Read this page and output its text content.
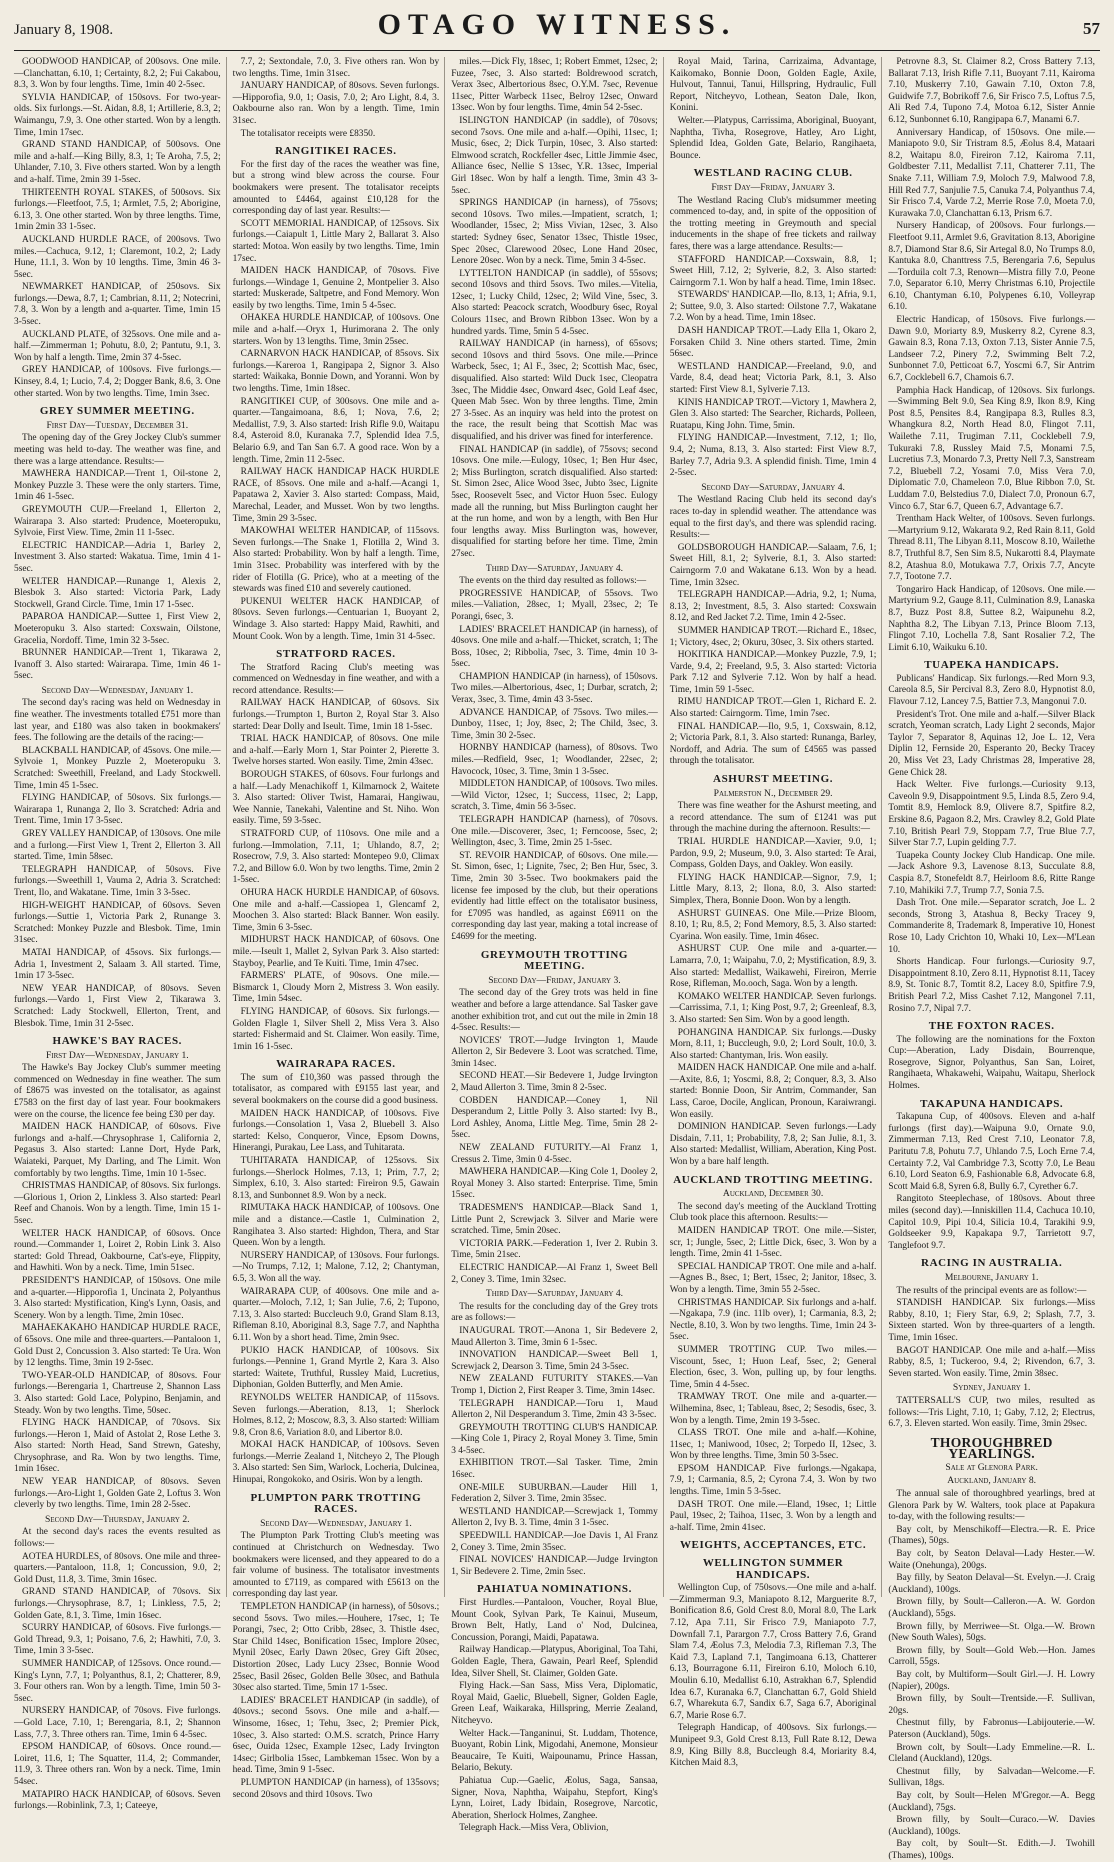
January 8, 1908.	OTAGO WITNESS.	57

GOODWOOD HANDICAP, of 200sovs. One mile.—Clanchattan, 6.10, 1; Certainty, 8.2, 2; Fui Cakabou, 8.3, 3. Won by four lengths. Time, 1min 40 2-5sec.

SYLVIA HANDICAP, of 150sovs. For two-year-olds. Six furlongs.—St. Aidan, 8.8, 1; Artillerie, 8.3, 2; Waimangu, 7.9, 3. One other started. Won by a length. Time, 1min 17sec.

GRAND STAND HANDICAP, of 500sovs. One mile and a-half.—King Billy, 8.3, 1; Te Aroha, 7.5, 2; Uhlander, 7.10, 3. Five others started. Won by a length and a-half. Time, 2min 39 1-5sec.

THIRTEENTH ROYAL STAKES, of 500sovs. Six furlongs.—Fleetfoot, 7.5, 1; Armlet, 7.5, 2; Aborigine, 6.13, 3. One other started. Won by three lengths. Time, 1min 2min 33 1-5sec.

AUCKLAND HURDLE RACE, of 200sovs. Two miles.—Cachuca, 9.12, 1; Claremont, 10.2, 2; Lady Hune, 11.1, 3. Won by 10 lengths. Time, 3min 46 3-5sec.

NEWMARKET HANDICAP, of 250sovs. Six furlongs.—Dewa, 8.7, 1; Cambrian, 8.11, 2; Notecrini, 7.8, 3. Won by a length and a-quarter. Time, 1min 15 3-5sec.

AUCKLAND PLATE, of 325sovs. One mile and a-half.—Zimmerman 1; Pohutu, 8.0, 2; Pantutu, 9.1, 3. Won by half a length. Time, 2min 37 4-5sec.

GREY HANDICAP, of 100sovs. Five furlongs.—Kinsey, 8.4, 1; Lucio, 7.4, 2; Dogger Bank, 8.6, 3. One other started. Won by two lengths. Time, 1min 3sec.

GREY SUMMER MEETING.
First Day—Tuesday, December 31.

The opening day of the Grey Jockey Club's summer meeting was held to-day. The weather was fine, and there was a large attendance. Results:—

MAWHERA HANDICAP.—Trent 1, Oil-stone 2, Monkey Puzzle 3. These were the only starters. Time, 1min 46 1-5sec.

GREYMOUTH CUP.—Freeland 1, Ellerton 2, Wairarapa 3. Also started: Prudence, Moeteropuku, Sylvoie, First View. Time, 2min 11 1-5sec.

ELECTRIC HANDICAP.—Adria 1, Barley 2, Investment 3. Also started: Wakatua. Time, 1min 4 1-5sec.

WELTER HANDICAP.—Runange 1, Alexis 2, Blesbok 3. Also started: Victoria Park, Lady Stockwell, Grand Circle. Time, 1min 17 1-5sec.

PAPAROA HANDICAP.—Suttee 1, First View 2, Moeteropuku 3. Also started: Coxswain, Oilstone, Gracelia, Nordoff. Time, 1min 32 3-5sec.

BRUNNER HANDICAP.—Trent 1, Tikarawa 2, Ivanoff 3. Also started: Wairarapa. Time, 1min 46 1-5sec.

Second Day—Wednesday, January 1.

The second day's racing was held on Wednesday in fine weather. The investments totalled £751 more than last year, and £180 was also taken in bookmakers' fees. The following are the details of the racing:—

BLACKBALL HANDICAP, of 45sovs. One mile.—Sylvoie 1, Monkey Puzzle 2, Moeteropuku 3. Scratched: Sweethill, Freeland, and Lady Stockwell. Time, 1min 45 1-5sec.

FLYING HANDICAP, of 50sovs. Six furlongs.—Wairarapa 1, Runanga 2, Ilo 3. Scratched: Adria and Trent. Time, 1min 17 3-5sec.

GREY VALLEY HANDICAP, of 130sovs. One mile and a furlong.—First View 1, Trent 2, Ellerton 3. All started. Time, 1min 58sec.

TELEGRAPH HANDICAP, of 50sovs. Five furlongs.—Sweethill 1, Vauma 2, Adria 3. Scratched: Trent, Ilo, and Wakatane. Time, 1min 3 3-5sec.

HIGH-WEIGHT HANDICAP, of 60sovs. Seven furlongs.—Suttie 1, Victoria Park 2, Runange 3. Scratched: Monkey Puzzle and Blesbok. Time, 1min 31sec.

MATAI HANDICAP, of 45sovs. Six furlongs.—Adria 1, Investment 2, Salaam 3. All started. Time, 1min 17 3-5sec.

NEW YEAR HANDICAP, of 80sovs. Seven furlongs.—Vardo 1, First View 2, Tikarawa 3. Scratched: Lady Stockwell, Ellerton, Trent, and Blesbok. Time, 1min 31 2-5sec.

HAWKE'S BAY RACES.
First Day—Wednesday, January 1.

The Hawke's Bay Jockey Club's summer meeting commenced on Wednesday in fine weather. The sum of £8675 was invested on the totalisator, as against £7583 on the first day of last year. Four bookmakers were on the course, the licence fee being £30 per day.

MAIDEN HACK HANDICAP, of 60sovs. Five furlongs and a-half.—Chrysophrase 1, California 2, Pegasus 3. Also started: Lanne Dort, Hyde Park, Waiateki, Parquet, My Darling, and The Limit. Won comfortably by two lengths. Time, 1min 10 1-5sec.

CHRISTMAS HANDICAP, of 80sovs. Six furlongs.—Glorious 1, Orion 2, Linkless 3. Also started: Pearl Reef and Chanois. Won by a length. Time, 1min 15 1-5sec.

WELTER HACK HANDICAP, of 60sovs. Once round.—Commander 1, Loiret 2, Robin Link 3. Also started: Gold Thread, Oakbourne, Cat's-eye, Flippity, and Hawhiti. Won by a neck. Time, 1min 51sec.

PRESIDENT'S HANDICAP, of 150sovs. One mile and a-quarter.—Hipporofia 1, Uncinata 2, Polyanthus 3. Also started: Mystification, King's Lynn, Oasis, and Scenery. Won by a length. Time, 2min 10sec.

MAHAEKAKAHO HANDICAP HURDLE RACE, of 65sovs. One mile and three-quarters.—Pantaloon 1, Gold Dust 2, Concussion 3. Also started: Te Ura. Won by 12 lengths. Time, 3min 19 2-5sec.

TWO-YEAR-OLD HANDICAP, of 80sovs. Four furlongs.—Berengaria 1, Chartreuse 2, Shannon Lass 3. Also started: Gold Lace, Polypino, Benjamin, and Steady. Won by two lengths. Time, 50sec.

FLYING HACK HANDICAP, of 70sovs. Six furlongs.—Heron 1, Maid of Astolat 2, Rose Lethe 3. Also started: North Head, Sand Strewn, Gateshy, Chrysophrase, and Ra. Won by two lengths. Time, 1min 16sec.

NEW YEAR HANDICAP, of 80sovs. Seven furlongs.—Aro-Light 1, Golden Gate 2, Loftus 3. Won cleverly by two lengths. Time, 1min 28 2-5sec.

Second Day—Thursday, January 2.

At the second day's races the events resulted as follows:—

AOTEA HURDLES, of 80sovs. One mile and three-quarters.—Pantaloon, 11.8, 1; Concussion, 9.0, 2; Gold Dust, 11.8, 3. Time, 3min 16sec.

GRAND STAND HANDICAP, of 70sovs. Six furlongs.—Chrysophrase, 8.7, 1; Linkless, 7.5, 2; Golden Gate, 8.1, 3. Time, 1min 16sec.

SCURRY HANDICAP, of 60sovs. Five furlongs.—Gold Thread, 9.3, 1; Poisano, 7.6, 2; Hawhiti, 7.0, 3. Time, 1min 3 3-5sec.

SUMMER HANDICAP, of 125sovs. Once round.—King's Lynn, 7.7, 1; Polyanthus, 8.1, 2; Chatterer, 8.9, 3. Four others ran. Won by a length. Time, 1min 50 3-5sec.

NURSERY HANDICAP, of 70sovs. Five furlongs.—Gold Lace, 7.10, 1; Berengaria, 8.1, 2; Shannon Lass, 7.7, 3. Three others ran. Time, 1min 6 4-5sec.

EPSOM HANDICAP, of 60sovs. Once round.—Loiret, 11.6, 1; The Squatter, 11.4, 2; Commander, 11.9, 3. Three others ran. Won by a neck. Time, 1min 54sec.

MATAPIRO HACK HANDICAP, of 60sovs. Seven furlongs.—Robinlink, 7.3, 1; Cateeye,

7.7, 2; Sextondale, 7.0, 3. Five others ran. Won by two lengths. Time, 1min 31sec.

JANUARY HANDICAP, of 80sovs. Seven furlongs.—Hipporofia, 9.0, 1; Oasis, 7.0, 2; Aro Light, 8.4, 3. Oakbourne also ran. Won by a length. Time, 1min 31sec.

The totalisator receipts were £8350.

RANGITIKEI RACES.

For the first day of the races the weather was fine, but a strong wind blew across the course. Four bookmakers were present. The totalisator receipts amounted to £4464, against £10,128 for the corresponding day of last year. Results:—

SCOTT MEMORIAL HANDICAP, of 125sovs. Six furlongs.—Caiapult 1, Little Mary 2, Ballarat 3. Also started: Motoa. Won easily by two lengths. Time, 1min 17sec.

MAIDEN HACK HANDICAP, of 70sovs. Five furlongs.—Windage 1, Genuine 2, Montpelier 3. Also started: Muskerade, Saltpetre, and Fond Memory. Won easily by two lengths. Time, 1min 5 4-5sec.

OHAKEA HURDLE HANDICAP, of 100sovs. One mile and a-half.—Oryx 1, Hurimorana 2. The only starters. Won by 13 lengths. Time, 3min 25sec.

CARNARVON HACK HANDICAP, of 85sovs. Six furlongs.—Kareroa 1, Rangipapa 2, Signor 3. Also started: Waikaka, Bonnie Down, and Yoranni. Won by two lengths. Time, 1min 18sec.

RANGITIKEI CUP, of 300sovs. One mile and a-quarter.—Tangaimoana, 8.6, 1; Nova, 7.6, 2; Medallist, 7.9, 3. Also started: Irish Rifle 9.0, Waitapu 8.4, Asteroid 8.0, Kuranaka 7.7, Splendid Idea 7.5, Belario 6.9, and Tan San 6.7. A good race. Won by a length. Time, 2min 11 2-5sec.

RAILWAY HACK HANDICAP HACK HURDLE RACE, of 85sovs. One mile and a-half.—Acangi 1, Papatawa 2, Xavier 3. Also started: Compass, Maid, Marechal, Leader, and Musset. Won by two lengths. Time, 3min 29 3-5sec.

MAKOWHAI WELTER HANDICAP, of 115sovs. Seven furlongs.—The Snake 1, Flotilla 2, Wind 3. Also started: Probability. Won by half a length. Time, 1min 31sec. Probability was interfered with by the rider of Flotilla (G. Price), who at a meeting of the stewards was fined £10 and severely cautioned.

PUKENUI WELTER HACK HANDICAP, of 80sovs. Seven furlongs.—Centuarian 1, Buoyant 2, Windage 3. Also started: Happy Maid, Rawhiti, and Mount Cook. Won by a length. Time, 1min 31 4-5sec.

STRATFORD RACES.

The Stratford Racing Club's meeting was commenced on Wednesday in fine weather, and with a record attendance. Results:—

RAILWAY HACK HANDICAP, of 60sovs. Six furlongs.—Trumpton 1, Burton 2, Royal Star 3. Also started: Dear Dolly and Iseult. Time, 1min 18 1-5sec.

TRIAL HACK HANDICAP, of 80sovs. One mile and a-half.—Early Morn 1, Star Pointer 2, Pierette 3. Twelve horses started. Won easily. Time, 2min 43sec.

BOROUGH STAKES, of 60sovs. Four furlongs and a half.—Lady Menachikoff 1, Kilmarnock 2, Waitete 3. Also started: Oliver Twist, Hamarai, Hangiwau, Wee Nannie, Tanekahi, Valentine and St. Niho. Won easily. Time, 59 3-5sec.

STRATFORD CUP, of 110sovs. One mile and a furlong.—Immolation, 7.11, 1; Uhlando, 8.7, 2; Rosecrow, 7.9, 3. Also started: Montepeo 9.0, Climax 7.2, and Billow 6.0. Won by two lengths. Time, 2min 2 1-5sec.

OHURA HACK HURDLE HANDICAP, of 60sovs. One mile and a-half.—Cassiopea 1, Glencamf 2, Moochen 3. Also started: Black Banner. Won easily. Time, 3min 6 3-5sec.

MIDHURST HACK HANDICAP, of 60sovs. One mile.—Iseult 1, Mallet 2, Sylvan Park 3. Also started: Stayboy, Pearlie, and Te Kuiti. Time, 1min 47sec.

FARMERS' PLATE, of 90sovs. One mile.—Bismarck 1, Cloudy Morn 2, Mistress 3. Won easily. Time, 1min 54sec.

FLYING HANDICAP, of 60sovs. Six furlongs.—Golden Flagle 1, Silver Shell 2, Miss Vera 3. Also started: Fishermaid and St. Claimer. Won easily. Time, 1min 16 1-5sec.

WAIRARAPA RACES.

The sum of £10,360 was passed through the totalisator, as compared with £9155 last year, and several bookmakers on the course did a good business.

MAIDEN HACK HANDICAP, of 100sovs. Five furlongs.—Consolation 1, Vasa 2, Bluebell 3. Also started: Kelso, Conqueror, Vince, Epsom Downs, Hinerangi, Purakau, Lee Lass, and Tuhitarata.

TUHITARATA HANDICAP, of 125sovs. Six furlongs.—Sherlock Holmes, 7.13, 1; Prim, 7.7, 2; Simplex, 6.10, 3. Also started: Fireiron 9.5, Gawain 8.13, and Sunbonnet 8.9. Won by a neck.

RIMUTAKA HACK HANDICAP, of 100sovs. One mile and a distance.—Castle 1, Culmination 2, Rangihatea 3. Also started: Highdon, Thera, and Star Queen. Won by a length.

NURSERY HANDICAP, of 130sovs. Four furlongs.—No Trumps, 7.12, 1; Malone, 7.12, 2; Chantyman, 6.5, 3. Won all the way.

WAIRARAPA CUP, of 400sovs. One mile and a-quarter.—Moloch, 7.12, 1; San Julie, 7.6, 2; Tupono, 7.13, 3. Also started: Buccleuch 9.0, Grand Slam 8.13, Rifleman 8.10, Aboriginal 8.3, Sage 7.7, and Naphtha 6.11. Won by a short head. Time, 2min 9sec.

PUKIO HACK HANDICAP, of 100sovs. Six furlongs.—Pennine 1, Grand Myrtle 2, Kara 3. Also started: Waitete, Truthful, Russley Maid, Lucretius, Diphonian, Golden Butterfly, and Men Amie.

REYNOLDS WELTER HANDICAP, of 115sovs. Seven furlongs.—Aberation, 8.13, 1; Sherlock Holmes, 8.12, 2; Moscow, 8.3, 3. Also started: William 9.8, Cron 8.6, Variation 8.0, and Libertor 8.0.

MOKAI HACK HANDICAP, of 100sovs. Seven furlongs.—Merrie Zealand 1, Nitcheyo 2, The Plough 3. Also started: Sen Sim, Warlock, Locheria, Dulcinea, Hinupai, Rongokoko, and Osiris. Won by a length.

PLUMPTON PARK TROTTING RACES.
Second Day—Wednesday, January 1.

The Plumpton Park Trotting Club's meeting was continued at Christchurch on Wednesday. Two bookmakers were licensed, and they appeared to do a fair volume of business. The totalisator investments amounted to £7119, as compared with £5613 on the corresponding day last year.

TEMPLETON HANDICAP (in harness), of 50sovs.; second 5sovs. Two miles.—Houhere, 17sec, 1; Te Porangi, 7sec, 2; Otto Cribb, 28sec, 3. Thistle 4sec, Star Child 14sec, Bonification 15sec, Implore 20sec, Mynil 20sec, Early Dawn 20sec, Grey Gift 20sec, Distortion 20sec, Lady Lucy 23sec, Bonnie Wood 25sec, Basil 26sec, Golden Belle 30sec, and Bathula 30sec also started. Time, 5min 17 1-5sec.

LADIES' BRACELET HANDICAP (in saddle), of 40sovs.; second 5sovs. One mile and a-half.—Winsome, 16sec, 1; Tehu, 3sec, 2; Premier Pick, 10sec, 3. Also started: O.M.S. scratch, Prince Harry 6sec, Ouida 12sec, Example 12sec, Lady Irvington 14sec; Girlbolia 15sec, Lambkeman 15sec. Won by a head. Time, 3min 9 1-5sec.

PLUMPTON HANDICAP (in harness), of 135sovs; second 20sovs and third 10sovs. Two

miles.—Dick Fly, 18sec, 1; Robert Emmet, 12sec, 2; Fuzee, 7sec, 3. Also started: Boldrewood scratch, Verax 3sec, Albertorious 8sec, O.Y.M. 7sec, Revenue 11sec, Pitter Warbeck 11sec, Belroy 12sec, Onward 13sec. Won by four lengths. Time, 4min 54 2-5sec.

ISLINGTON HANDICAP (in saddle), of 70sovs; second 7sovs. One mile and a-half.—Opihi, 11sec, 1; Music, 6sec, 2; Dick Turpin, 10sec, 3. Also started: Elmwood scratch, Rockfeller 4sec, Little Jimmie 4sec, Alliance 6sec, Nellie S 13sec, Y.R. 13sec, Imperial Girl 18sec. Won by half a length. Time, 3min 43 3-5sec.

SPRINGS HANDICAP (in harness), of 75sovs; second 10sovs. Two miles.—Impatient, scratch, 1; Woodlander, 15sec, 2; Miss Vivian, 12sec, 3. Also started: Sydney 6sec, Senator 13sec, Thistle 19sec, Spec 20sec, Clarewood 20sec, Lone Hand 20sec, Lenore 20sec. Won by a neck. Time, 5min 3 4-5sec.

LYTTELTON HANDICAP (in saddle), of 55sovs; second 10sovs and third 5sovs. Two miles.—Vitelia, 12sec, 1; Lucky Child, 12sec, 2; Wild Vine, 5sec, 3. Also started: Peacock scratch, Woodbury 6sec, Royal Colours 11sec, and Brown Ribbon 13sec. Won by a hundred yards. Time, 5min 5 4-5sec.

RAILWAY HANDICAP (in harness), of 65sovs; second 10sovs and third 5sovs. One mile.—Prince Warbeck, 5sec, 1; Al F., 3sec, 2; Scottish Mac, 6sec, disqualified. Also started: Wild Duck 1sec, Cleopatra 3sec, The Middie 4sec, Onward 4sec, Gold Leaf 4sec, Queen Mab 5sec. Won by three lengths. Time, 2min 27 3-5sec. As an inquiry was held into the protest on the race, the result being that Scottish Mac was disqualified, and his driver was fined for interference.

FINAL HANDICAP (in saddle), of 75sovs; second 10sovs. One mile.—Eulogy, 10sec, 1; Ben Hur 4sec, 2; Miss Burlington, scratch disqualified. Also started: St. Simon 2sec, Alice Wood 3sec, Jubto 3sec, Lignite 5sec, Roosevelt 5sec, and Victor Huon 5sec. Eulogy made all the running, but Miss Burlington caught her at the run home, and won by a length, with Ben Hur four lengths away. Miss Burlington was, however, disqualified for starting before her time. Time, 2min 27sec.

Third Day—Saturday, January 4.

The events on the third day resulted as follows:—

PROGRESSIVE HANDICAP, of 55sovs. Two miles.—Valiation, 28sec, 1; Myall, 23sec, 2; Te Porangi, 6sec, 3.

LADIES' BRACELET HANDICAP (in harness), of 40sovs. One mile and a-half.—Thicket, scratch, 1; The Boss, 10sec, 2; Ribbolia, 7sec, 3. Time, 4min 10 3-5sec.

CHAMPION HANDICAP (in harness), of 150sovs. Two miles.—Albertorious, 4sec, 1; Durbar, scratch, 2; Verax, 3sec, 3. Time, 4min 43 3-5sec.

ADVANCE HANDICAP, of 75sovs. Two miles.—Dunboy, 11sec, 1; Joy, 8sec, 2; The Child, 3sec, 3. Time, 3min 30 2-5sec.

HORNBY HANDICAP (harness), of 80sovs. Two miles.—Redfield, 9sec, 1; Woodlander, 22sec, 2; Havocock, 10sec, 3. Time, 3min 1 3-5sec.

MIDDLETON HANDICAP, of 100sovs. Two miles.—Wild Victor, 12sec, 1; Success, 11sec, 2; Lapp, scratch, 3. Time, 4min 56 3-5sec.

TELEGRAPH HANDICAP (harness), of 70sovs. One mile.—Discoverer, 3sec, 1; Ferncoose, 5sec, 2; Wellington, 4sec, 3. Time, 2min 25 1-5sec.

ST. REVOIR HANDICAP, of 60sovs. One mile.—St. Simon, 6sec, 1; Lignite, 7sec, 2; Ben Hur, 5sec, 3. Time, 2min 30 3-5sec. Two bookmakers paid the license fee imposed by the club, but their operations evidently had little effect on the totalisator business, for £7095 was handled, as against £6911 on the corresponding day last year, making a total increase of £4699 for the meeting.

GREYMOUTH TROTTING MEETING.
Second Day—Friday, January 3.

The second day of the Grey trots was held in fine weather and before a large attendance. Sal Tasker gave another exhibition trot, and cut out the mile in 2min 18 4-5sec. Results:—

NOVICES' TROT.—Judge Irvington 1, Maude Allerton 2, Sir Bedevere 3. Loot was scratched. Time, 3min 14sec.

SECOND HEAT.—Sir Bedevere 1, Judge Irvington 2, Maud Allerton 3. Time, 3min 8 2-5sec.

COBDEN HANDICAP.—Coney 1, Nil Desperandum 2, Little Polly 3. Also started: Ivy B., Lord Ashley, Anoma, Little Meg. Time, 5min 28 2-5sec.

NEW ZEALAND FUTURITY.—Al Franz 1, Cressus 2. Time, 3min 0 4-5sec.

MAWHERA HANDICAP.—King Cole 1, Dooley 2, Royal Money 3. Also started: Enterprise. Time, 5min 15sec.

TRADESMEN'S HANDICAP.—Black Sand 1, Little Punt 2, Screwjack 3. Silver and Marie were scratched. Time, 5min 20sec.

VICTORIA PARK.—Federation 1, Iver 2. Rubin 3. Time, 5min 21sec.

ELECTRIC HANDICAP.—Al Franz 1, Sweet Bell 2, Coney 3. Time, 1min 32sec.

Third Day—Saturday, January 4.

The results for the concluding day of the Grey trots are as follows:—

INAUGURAL TROT.—Anona 1, Sir Bedevere 2, Maud Allerton 3. Time, 3min 6 1-5sec.

INNOVATION HANDICAP.—Sweet Bell 1, Screwjack 2, Dearson 3. Time, 5min 24 3-5sec.

NEW ZEALAND FUTURITY STAKES.—Van Tromp 1, Diction 2, First Reaper 3. Time, 3min 14sec.

TELEGRAPH HANDICAP.—Toru 1, Maud Allerton 2, Nil Desperandum 3. Time, 2min 43 3-5sec.

GREYMOUTH TROTTING CLUB'S HANDICAP.—King Cole 1, Piracy 2, Royal Money 3. Time, 5min 3 4-5sec.

EXHIBITION TROT.—Sal Tasker. Time, 2min 16sec.

ONE-MILE SUBURBAN.—Lauder Hill 1, Federation 2, Silver 3. Time, 2min 35sec.

WESTLAND HANDICAP.—Screwjack 1, Tommy Allerton 2, Ivy B. 3. Time, 4min 3 1-5sec.

SPEEDWILL HANDICAP.—Joe Davis 1, Al Franz 2, Coney 3. Time, 2min 35sec.

FINAL NOVICES' HANDICAP.—Judge Irvington 1, Sir Bedevere 2. Time, 2min 5sec.

PAHIATUA NOMINATIONS.

First Hurdles.—Pantaloon, Voucher, Royal Blue, Mount Cook, Sylvan Park, Te Kainui, Museum, Brown Belt, Hatly, Land o' Nod, Dulcinea, Concussion, Porangi, Maidi, Papatawa.

Railway Handicap.—Platypus, Aboriginal, Toa Tahi, Golden Eagle, Thera, Gawain, Pearl Reef, Splendid Idea, Silver Shell, St. Claimer, Golden Gate.

Flying Hack.—San Sass, Miss Vera, Diplomatic, Royal Maid, Gaelic, Bluebell, Signer, Golden Eagle, Green Leaf, Waikaraka, Hillspring, Merrie Zealand, Nitcheyvo.

Welter Hack.—Tanganinui, St. Luddam, Thotence, Buoyant, Robin Link, Migodahi, Anemone, Monsieur Beaucaire, Te Kuiti, Waipounamu, Prince Hassan, Belario, Bekuty.

Pahiatua Cup.—Gaelic, Æolus, Saga, Sansaa, Signer, Nova, Naphtha, Waipahu, Stepfort, King's Lynn, Loiret, Lady Ibidain, Rosegrove, Narcotic, Aberation, Sherlock Holmes, Zanghee.

Telegraph Hack.—Miss Vera, Oblivion,

Royal Maid, Tarina, Carrizaima, Advantage, Kaikomako, Bonnie Doon, Golden Eagle, Axile, Hulvout, Tannui, Tanui, Hillspring, Hydraulic, Full Report, Nitcheyvo, Lothean, Seaton Dale, Ikon, Konini.

Welter.—Platypus, Carrissima, Aboriginal, Buoyant, Naphtha, Tivha, Rosegrove, Hatley, Aro Light, Splendid Idea, Golden Gate, Belario, Rangihaeta, Bounce.

WESTLAND RACING CLUB.
First Day—Friday, January 3.

The Westland Racing Club's midsummer meeting commenced to-day, and, in spite of the opposition of the trotting meeting in Greymouth and special inducements in the shape of free tickets and railway fares, there was a large attendance. Results:—

STAFFORD HANDICAP.—Coxswain, 8.8, 1; Sweet Hill, 7.12, 2; Sylverie, 8.2, 3. Also started: Cairngorm 7.1. Won by half a head. Time, 1min 18sec.

STEWARDS' HANDICAP.—Ilo, 8.13, 1; Afria, 9.1, 2; Suttee, 9.0, 3. Also started: Oilstone 7.7, Wakatane 7.2. Won by a head. Time, 1min 18sec.

DASH HANDICAP TROT.—Lady Ella 1, Okaro 2, Forsaken Child 3. Nine others started. Time, 2min 56sec.

WESTLAND HANDICAP.—Freeland, 9.0, and Varde, 8.4, dead heat; Victoria Park, 8.1, 3. Also started: First View 8.1, Sylverie 7.13.

KINIS HANDICAP TROT.—Victory 1, Mawhera 2, Glen 3. Also started: The Searcher, Richards, Polleen, Ruatapu, King John. Time, 5min.

FLYING HANDICAP.—Investment, 7.12, 1; Ilo, 9.4, 2; Numa, 8.13, 3. Also started: First View 8.7, Barley 7.7, Adria 9.3. A splendid finish. Time, 1min 4 2-5sec.

Second Day—Saturday, January 4.

The Westland Racing Club held its second day's races to-day in splendid weather. The attendance was equal to the first day's, and there was splendid racing. Results:—

GOLDSBOROUGH HANDICAP.—Salaam, 7.6, 1; Sweet Hill, 8.1, 2; Sylverie, 8.1, 3. Also started: Cairngorm 7.0 and Wakatane 6.13. Won by a head. Time, 1min 32sec.

TELEGRAPH HANDICAP.—Adria, 9.2, 1; Numa, 8.13, 2; Investment, 8.5, 3. Also started: Coxswain 8.12, and Red Jacket 7.2. Time, 1min 4 2-5sec.

SUMMER HANDICAP TROT.—Richard E., 18sec, 1; Victory, 4sec, 2; Okuru, 30sec, 3. Six others started.

HOKITIKA HANDICAP.—Monkey Puzzle, 7.9, 1; Varde, 9.4, 2; Freeland, 9.5, 3. Also started: Victoria Park 7.12 and Sylverie 7.12. Won by half a head. Time, 1min 59 1-5sec.

RIMU HANDICAP TROT.—Glen 1, Richard E. 2. Also started: Cairngorm. Time, 1min 7sec.

FINAL HANDICAP.—Ilo, 9.5, 1, Coxswain, 8.12, 2; Victoria Park, 8.1, 3. Also started: Runanga, Barley, Nordoff, and Adria. The sum of £4565 was passed through the totalisator.

ASHURST MEETING.
Palmerston N., December 29.

There was fine weather for the Ashurst meeting, and a record attendance. The sum of £1241 was put through the machine during the afternoon. Results:—

TRIAL HURDLE HANDICAP.—Xavier, 9.0, 1; Pardon, 9.9, 2; Museum, 9.0, 3. Also started: Te Arai, Compass, Golden Days, and Oakley. Won easily.

FLYING HACK HANDICAP.—Signor, 7.9, 1; Little Mary, 8.13, 2; Ilona, 8.0, 3. Also started: Simplex, Thera, Bonnie Doon. Won by a length.

ASHURST GUINEAS. One Mile.—Prize Bloom, 8.10, 1; Ru, 8.5, 2; Fond Memory, 8.5, 3. Also started: Cyarina. Won easily. Time, 1min 46sec.

ASHURST CUP. One mile and a-quarter.—Lamarra, 7.0, 1; Waipahu, 7.0, 2; Mystification, 8.9, 3. Also started: Medallist, Waikawehi, Fireiron, Merrie Rose, Rifleman, Mo.ooch, Saga. Won by a length.

KOMAKO WELTER HANDICAP. Seven furlongs.—Carrissima, 7.1, 1; King Post, 9.7, 2; Greenleaf, 8.3, 3. Also started: Sen Sim. Won by a good length.

POHANGINA HANDICAP. Six furlongs.—Dusky Morn, 8.11, 1; Buccleugh, 9.0, 2; Lord Soult, 10.0, 3. Also started: Chantyman, Iris. Won easily.

MAIDEN HACK HANDICAP. One mile and a-half.—Axite, 8.6, 1; Yoscmi, 8.8, 2; Conquer, 8.3, 3. Also started: Bonnie Doon, Sir Antrim, Commander, San Lass, Caroe, Docile, Anglican, Pronoun, Karaiwrangi. Won easily.

DOMINION HANDICAP. Seven furlongs.—Lady Disdain, 7.11, 1; Probability, 7.8, 2; San Julie, 8.1, 3. Also started: Medallist, William, Aberation, King Post. Won by a bare half length.

AUCKLAND TROTTING MEETING.
Auckland, December 30.

The second day's meeting of the Auckland Trotting Club took place this afternoon. Results:—

MAIDEN HANDICAP TROT. One mile.—Sister, scr, 1; Jungle, 5sec, 2; Little Dick, 6sec, 3. Won by a length. Time, 2min 41 1-5sec.

SPECIAL HANDICAP TROT. One mile and a-half.—Agnes B., 8sec, 1; Bert, 15sec, 2; Janitor, 18sec, 3. Won by a length. Time, 3min 55 2-5sec.

CHRISTMAS HANDICAP. Six furlongs and a-half.—Ngakapa, 7.9 (inc. 11lb over), 1; Carmania, 8.3, 2; Nectle, 8.10, 3. Won by two lengths. Time, 1min 24 3-5sec.

SUMMER TROTTING CUP. Two miles.—Viscount, 5sec, 1; Huon Leaf, 5sec, 2; General Election, 6sec, 3. Won, pulling up, by four lengths. Time, 5min 4 4-5sec.

TRAMWAY TROT. One mile and a-quarter.—Wilhemina, 8sec, 1; Tableau, 8sec, 2; Sesodis, 6sec, 3. Won by a length. Time, 2min 19 3-5sec.

CLASS TROT. One mile and a-half.—Kohine, 11sec, 1; Maniwood, 10sec, 2; Torpedo II, 12sec, 3. Won by three lengths. Time, 3min 50 3-5sec.

EPSOM HANDICAP. Five furlongs.—Ngakapa, 7.9, 1; Carmania, 8.5, 2; Cyrona 7.4, 3. Won by two lengths. Time, 1min 5 3-5sec.

DASH TROT. One mile.—Eland, 19sec, 1; Little Paul, 19sec, 2; Taihoa, 11sec, 3. Won by a length and a-half. Time, 2min 41sec.

WEIGHTS, ACCEPTANCES, ETC.
WELLINGTON SUMMER HANDICAPS.

Wellington Cup, of 750sovs.—One mile and a-half.—Zimmerman 9.3, Maniapoto 8.12, Marguerite 8.7, Bonification 8.6, Gold Crest 8.0, Moral 8.0, The Lark 7.12, Apa 7.11, Sir Frisco 7.9, Maniapoto 7.7, Downfall 7.1, Parargon 7.7, Cross Battery 7.6, Grand Slam 7.4, Æolus 7.3, Melodia 7.3, Rifleman 7.3, The Kaid 7.3, Lapland 7.1, Tangimoana 6.13, Chatterer 6.13, Bourragone 6.11, Fireiron 6.10, Moloch 6.10, Moulin 6.10, Medallist 6.10, Astrakhan 6.7, Splendid Idea 6.7, Kuranaka 6.7, Clanchattan 6.7, Gold Shield 6.7, Wharekuta 6.7, Sandix 6.7, Saga 6.7, Aboriginal 6.7, Marie Rose 6.7.

Telegraph Handicap, of 400sovs. Six furlongs.—Munipeet 9.3, Gold Crest 8.13, Full Rate 8.12, Dewa 8.9, King Billy 8.8, Buccleugh 8.4, Moriarity 8.4, Kitchen Maid 8.3,

Petrovne 8.3, St. Claimer 8.2, Cross Battery 7.13, Ballarat 7.13, Irish Rifle 7.11, Buoyant 7.11, Kairoma 7.10, Muskerry 7.10, Gawain 7.10, Oxton 7.8, Guidwife 7.7, Bobrikoff 7.6, Sir Frisco 7.5, Loftus 7.5, Ali Red 7.4, Tupono 7.4, Motoa 6.12, Sister Annie 6.12, Sunbonnet 6.10, Rangipapa 6.7, Manami 6.7.

Anniversary Handicap, of 150sovs. One mile.—Maniapoto 9.0, Sir Tristram 8.5, Æolus 8.4, Mataari 8.2, Waitapu 8.0, Fireiron 7.12, Kairoma 7.11, Goldbester 7.11, Medallist 7.11, Chatterer 7.11, The Snake 7.11, William 7.9, Moloch 7.9, Malwood 7.8, Hill Red 7.7, Sanjulie 7.5, Canuka 7.4, Polyanthus 7.4, Sir Frisco 7.4, Varde 7.2, Merrie Rose 7.0, Moeta 7.0, Kurawaka 7.0, Clanchattan 6.13, Prism 6.7.

Nursery Handicap, of 200sovs. Four furlongs.—Fleetfoot 9.11, Armlet 9.6, Gravitation 8.13, Aborigine 8.7, Diamond Star 8.6, Sir Artegal 8.0, No Trumps 8.0, Kantuka 8.0, Chanttress 7.5, Berengaria 7.6, Sepulus—Torduila colt 7.3, Renown—Mistra filly 7.0, Peone 7.0, Separator 6.10, Merry Christmas 6.10, Projectile 6.10, Chantyman 6.10, Polypenes 6.10, Volleyrap 6.10.

Electric Handicap, of 150sovs. Five furlongs.—Dawn 9.0, Moriarty 8.9, Muskerry 8.2, Cyrene 8.3, Gawain 8.3, Rona 7.13, Oxton 7.13, Sister Annie 7.5, Landseer 7.2, Pinery 7.2, Swimming Belt 7.2, Sunbonnet 7.0, Petticoat 6.7, Yoscmi 6.7, Sir Antrim 6.7, Cocklebell 6.7, Chamois 6.7.

Pamphia Hack Handicap, of 120sovs. Six furlongs.—Swimming Belt 9.0, Sea King 8.9, Ikon 8.9, King Post 8.5, Pensites 8.4, Rangipapa 8.3, Rulles 8.3, Whangkura 8.2, North Head 8.0, Flingot 7.11, Wailethe 7.11, Trugiman 7.11, Cocklebell 7.9, Tukuraki 7.8, Russley Maid 7.5, Monami 7.5, Lucretius 7.3, Monardo 7.3, Pretty Nell 7.3, Sanstream 7.2, Bluebell 7.2, Yosami 7.0, Miss Vera 7.0, Diplomatic 7.0, Chameleon 7.0, Blue Ribbon 7.0, St. Luddam 7.0, Belstedius 7.0, Dialect 7.0, Pronoun 6.7, Vinco 6.7, Star 6.7, Queen 6.7, Advantage 6.7.

Trentham Hack Welter, of 100sovs. Seven furlongs.—Martyrium 9.12, Wakarata 9.2, Red Rain 8.11, Gold Thread 8.11, The Libyan 8.11, Moscow 8.10, Wailethe 8.7, Truthful 8.7, Sen Sim 8.5, Nukarotti 8.4, Playmate 8.2, Atashua 8.0, Motukawa 7.7, Orixis 7.7, Ancyte 7.7, Tootone 7.7.

Tongariro Hack Handicap, of 120sovs. One mile.—Martyrium 9.2, Gauge 8.11, Culmination 8.9, Lanaska 8.7, Buzz Post 8.8, Suttee 8.2, Waipunehu 8.2, Naphtha 8.2, The Libyan 7.13, Prince Bloom 7.13, Flingot 7.10, Lochella 7.8, Sant Rosalier 7.2, The Limit 6.10, Waikuku 6.10.

TUAPEKA HANDICAPS.

Publicans' Handicap. Six furlongs.—Red Morn 9.3, Careola 8.5, Sir Percival 8.3, Zero 8.0, Hypnotist 8.0, Flavour 7.12, Lancey 7.5, Battier 7.3, Mangonui 7.0.

President's Trot. One mile and a-half.—Silver Black scratch, Yeoman scratch, Lady Light 2 seconds, Major Taylor 7, Separator 8, Aquinas 12, Joe L. 12, Vera Diplin 12, Fernside 20, Esperanto 20, Becky Tracey 20, Miss Vet 23, Lady Christmas 28, Imperative 28, Gene Chick 28.

Hack Welter. Five furlongs.—Curiosity 9.13, Caveoln 9.9, Disappointment 9.5, Linda 8.5, Zero 9.4, Tomtit 8.9, Hemlock 8.9, Olivere 8.7, Spitfire 8.2, Erskine 8.6, Pagaon 8.2, Mrs. Crawley 8.2, Gold Plate 7.10, British Pearl 7.9, Stoppam 7.7, True Blue 7.7, Silver Star 7.7, Lupin gelding 7.7.

Tuapeka County Jockey Club Handicap. One mile.—Jack Ashore 9.3, Lavenose 8.13, Succulate 8.8, Caspia 8.7, Stonefeldt 8.7, Heirloom 8.6, Ritte Range 7.10, Mahikiki 7.7, Trump 7.7, Sonia 7.5.

Dash Trot. One mile.—Separator scratch, Joe L. 2 seconds, Strong 3, Atashua 8, Becky Tracey 9, Commanderite 8, Trademark 8, Imperative 10, Honest Rose 10, Lady Crichton 10, Whaki 10, Lex—M'Lean 10.

Shorts Handicap. Four furlongs.—Curiosity 9.7, Disappointment 8.10, Zero 8.11, Hypnotist 8.11, Tacey 8.9, St. Tonic 8.7, Tomtit 8.2, Lacey 8.0, Spitfire 7.9, British Pearl 7.2, Miss Cashet 7.12, Mangonel 7.11, Rosino 7.7, Nipal 7.7.

THE FOXTON RACES.

The following are the nominations for the Foxton Cup:—Aberation, Lady Disdain, Bourrenque, Rosegrove, Signor, Polyanthus, San San, Loiret, Rangihaeta, Whakawehi, Waipahu, Waitapu, Sherlock Holmes.

TAKAPUNA HANDICAPS.

Takapuna Cup, of 400sovs. Eleven and a-half furlongs (first day).—Waipuna 9.0, Ornate 9.0, Zimmerman 7.13, Red Crest 7.10, Leonator 7.8, Paritutu 7.8, Pohutu 7.7, Uhlando 7.5, Loch Erne 7.4, Certainty 7.2, Val Cambridge 7.3, Scotty 7.0, Le Beau 6.10, Lord Seaton 6.9, Fashionable 6.8, Advocate 6.8, Scott Maid 6.8, Syren 6.8, Bully 6.7, Cyrether 6.7.

Rangitoto Steeplechase, of 180sovs. About three miles (second day).—Inniskillen 11.4, Cachuca 10.10, Capitol 10.9, Pipi 10.4, Silicia 10.4, Tarakihi 9.9, Goldseeker 9.9, Kapakapa 9.7, Tarrietott 9.7, Tanglefoot 9.7.

RACING IN AUSTRALIA.
Melbourne, January 1.

The results of the principal events are as follow:—

STANDISH HANDICAP. Six furlongs.—Miss Rabby, 8.10, 1; Fiery Star, 6.9, 2; Splash, 7.7, 3. Sixteen started. Won by three-quarters of a length. Time, 1min 16sec.

BAGOT HANDICAP. One mile and a-half.—Miss Rabby, 8.5, 1; Tuckeroo, 9.4, 2; Rivendon, 6.7, 3. Seven started. Won easily. Time, 2min 38sec.

Sydney, January 1.

TATTERSALL'S CUP, two miles, resulted as follows:—Tris Light, 7.10, 1; Gaby, 7.12, 2; Electrus, 6.7, 3. Eleven started. Won easily. Time, 3min 29sec.

THOROUGHBRED YEARLINGS.
Sale at Glenora Park.
Auckland, January 8.

The annual sale of thoroughbred yearlings, bred at Glenora Park by W. Walters, took place at Papakura to-day, with the following results:—

Bay colt, by Menschikoff—Electra.—R. E. Price (Thames), 50gs.

Bay colt, by Seaton Delaval—Lady Hester.—W. Waite (Onehunga), 200gs.

Bay filly, by Seaton Delaval—St. Evelyn.—J. Craig (Auckland), 100gs.

Brown filly, by Soult—Calleron.—A. W. Gordon (Auckland), 55gs.

Brown filly, by Merriwee—St. Olga.—W. Brown (New South Wales), 50gs.

Brown filly, by Soult—Gold Web.—Hon. James Carroll, 55gs.

Bay colt, by Multiform—Soult Girl.—J. H. Lowry (Napier), 200gs.

Brown filly, by Soult—Trentside.—F. Sullivan, 20gs.

Chestnut filly, by Fabronus—Labijouterie.—W. Paterson (Auckland), 50gs.

Brown colt, by Soult—Lady Emmeline.—R. L. Cleland (Auckland), 120gs.

Chestnut filly, by Salvadan—Welcome.—F. Sullivan, 18gs.

Bay colt, by Soult—Helen M'Gregor.—A. Begg (Auckland), 75gs.

Brown filly, by Soult—Curaco.—W. Davies (Auckland), 100gs.

Bay colt, by Soult—St. Edith.—J. Twohill (Thames), 100gs.
